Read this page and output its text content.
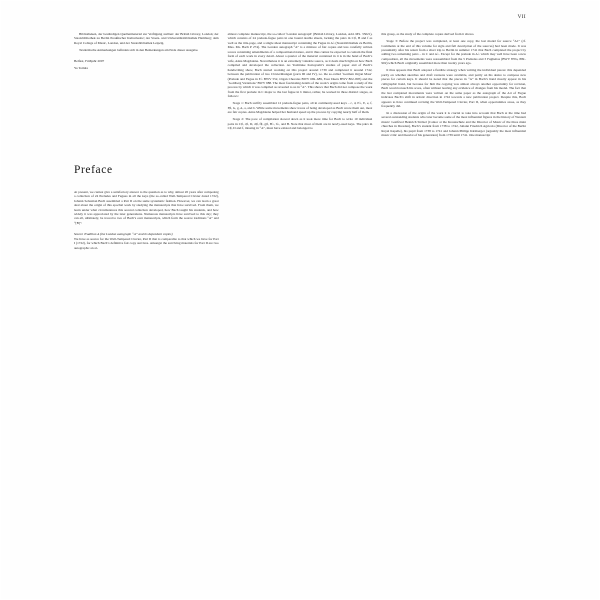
VII

Bibliotheken, der beständigen Quellenmaterial zur Verfügung stellten: der British Library, London; der Staatsbibliothek zu Berlin Preußischer Kulturbesitz; der Staats- und Universitätsbibliothek Hamburg; dem Royal College of Music, London, und der Staatsbibliothek Leipzig.

Textkritische Anmerkungen befinden sich in den Bemerkungen am Ende dieser Ausgabe.

Belfast, Frühjahr 2007

Yo Tomita

almost complete manuscript, the so-called ‘London autograph’ (British Library, London, Add. MS. 35021), which consists of 24 prelude-fugue pairs in one bound double sheets, lacking the pairs in C♯, B and f as well as the title-page, and a single sheet manuscript containing the Fugue in A♭ (Staatsbibliothek zu Berlin, Mus. Ms. Bach P 274). The London autograph “A” is a mixture of fair copies and less carefully written scores containing amendments of a compositional nature, and it thus cannot be expected to contain the final form of each work in every detail. About a quarter of the material contained in it is in the hand of Bach’s wife, Anna Magdalena. Nevertheless it is an extremely valuable source, as it deals much light on how Bach compiled and developed the collection. As Yoshitake Kobayashi’s studies of paper and of Bach’s handwriting show, Bach started working on this project around 1739 and completed it around 1742, between the publication of two Clavierübungen (parts III and IV), i.e. the so-called ‘German Organ Mass’ (Prelude and Fugue in E♭ BWV 552, Organ Chorales BWV 669–689, Four Duets BWV 802–805) and the ‘Goldberg Variations’ BWV 988. The most fascinating details of the work’s origin come from a study of the process by which it was compiled as revealed to us in “A”. This shows that Bach did not compose the work from the first prelude in C major to the last fugue in b minor, rather, he worked in three distinct stages, as follows:

Stage 1: Bach swiftly assembled 12 prelude-fugue pairs, all in commonly-used keys – c, d, E♭, E, e, f, F♯, G, g, A, a, and b. While some movements show traces of being developed as Bach wrote them out, most are fair copies. Anna Magdalena helped her husband speed up the process by copying nearly half of them.

Stage 2: The pace of compilation slowed down as it took more time for Bach to write 10 individual pairs in C♯, c♯, D, d♯, f♯, g♯, B♭, b♭, and B. Note that most of them are in newly-used keys. The pairs in C♯, D and f, missing in “A”, must have existed and belonged to

this group, as the study of the complete copies derived from it shows.

Stage 3: Before the project was completed, at least one copy, the lost model for source “A1” (cf. Comments at the end of this volume for sigla and full description of the sources) had been made. It was presumably after his return from a short trip to Berlin in summer 1741 that Bach completed the project by adding two remaining pairs – in C and A♭. Except for the prelude in A♭ which may well have been a new composition, all the movements were reassembled from the 5 Preludes and 3 Fughettas (BWV 870a, 899–902) which Bach originally assembled more than twenty years ago.

It thus appears that Bach adopted a flexible strategy when writing the individual pieces: this depended partly on whether sketches and draft versions were available, and partly on his desire to compose new pieces for certain keys. It should be noted that the pieces in “A” in Bach’s hand mostly appear in his calligraphic hand, but because for him the copying was almost always another opportunity for revision, Bach would retouch his score, often without leaving any evidence of changes from his model. The fact that the last completed movements were written on the same paper as the autograph of the Art of Fugue indicates Bach’s shift in artistic direction in 1742 towards a new publication project. Despite this, Bach appears to have continued revising the Well-Tempered Clavier, Part II, when opportunities arose, as they frequently did.

In a discussion of the origin of the work it is crucial to take into account that Bach at the time had several outstanding students who later became some of the most influential figures in the history of Western music: Gottfried Heinrich Stölzel (Cantor at the Kreuzschule and the Director of Music of the three main churches in Dresden), Bach’s student from 1738 to 1742, Johann Friedrich Agricola (Director of the Berlin Royal Kapelle), his pupil from 1738 to 1741 and Johann Philipp Kirnberger (arguably the most influential music critic and theorist of his generation) from 1739 until 1741. One manuscript

Preface

At present, we cannot give a satisfactory answer to the question as to why, almost 20 years after composing a collection of 24 Preludes and Fugues in all the keys (the so-called Well-Tempered Clavier dated 1722), Johann Sebastian Bach assembled a Part II on the same systematic fashion. However, we can learn a great deal about the origin of this epochal work by studying the manuscripts that have survived. From them, we learn under what circumstances this second collection developed, how Bach taught his students, and how widely it was appreciated by the later generations. Numerous manuscripts have survived to this day; they can all, ultimately, be traced to two of Bach’s own manuscripts, which form the source traditions “A” and “[B]”.

Source Tradition A (the London autograph “A” and its dependent copies)

We have as source for the Well-Tempered Clavier, Part II that is comparable to that which we have for Part I (1722), for which Bach’s definitive fair copy survives. Amongst the surviving materials for Part II are two autographs: an al-
